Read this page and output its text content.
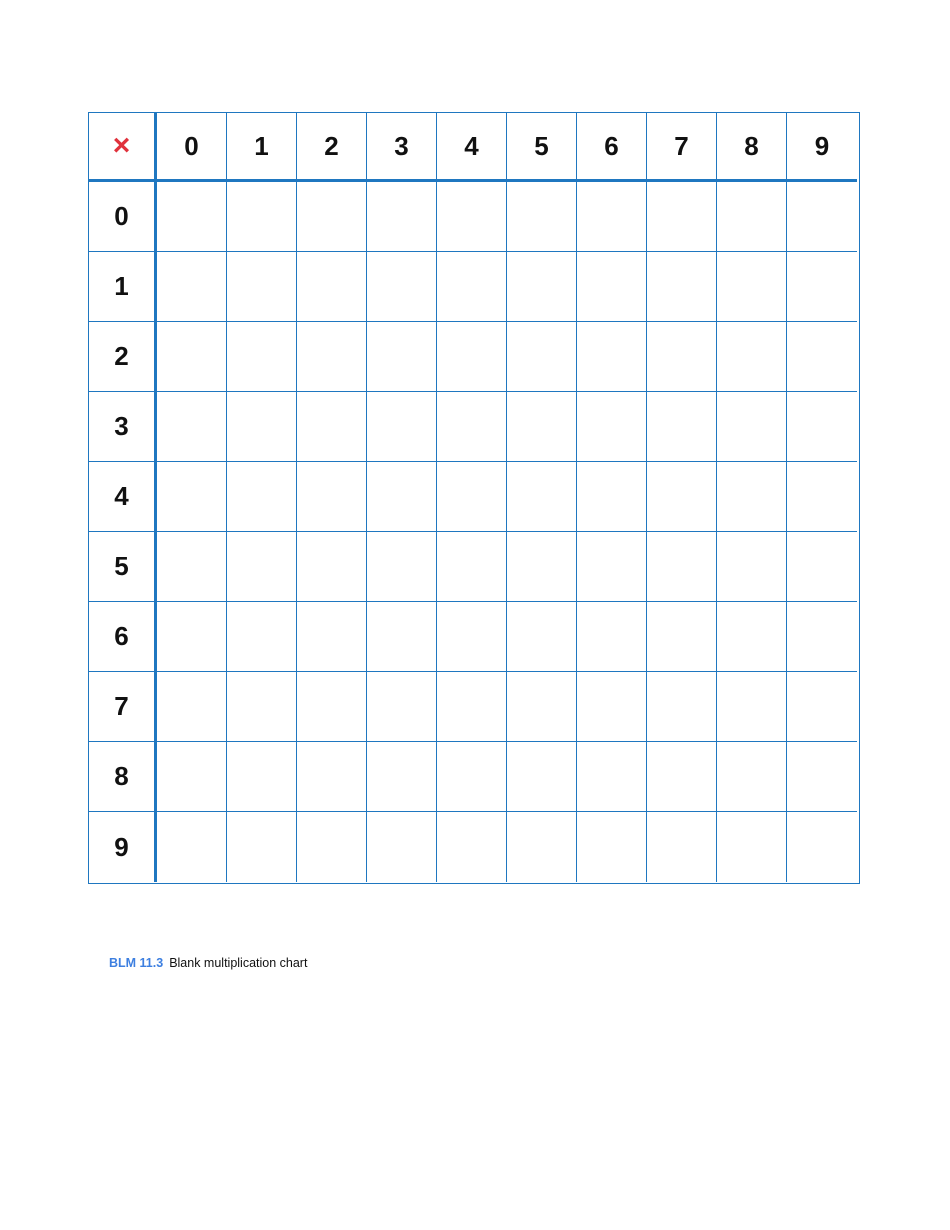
×	0	1	2	3	4	5	6	7	8	9
0
1
2
3
4
5
6
7
8
9
BLM 11.3 Blank multiplication chart
